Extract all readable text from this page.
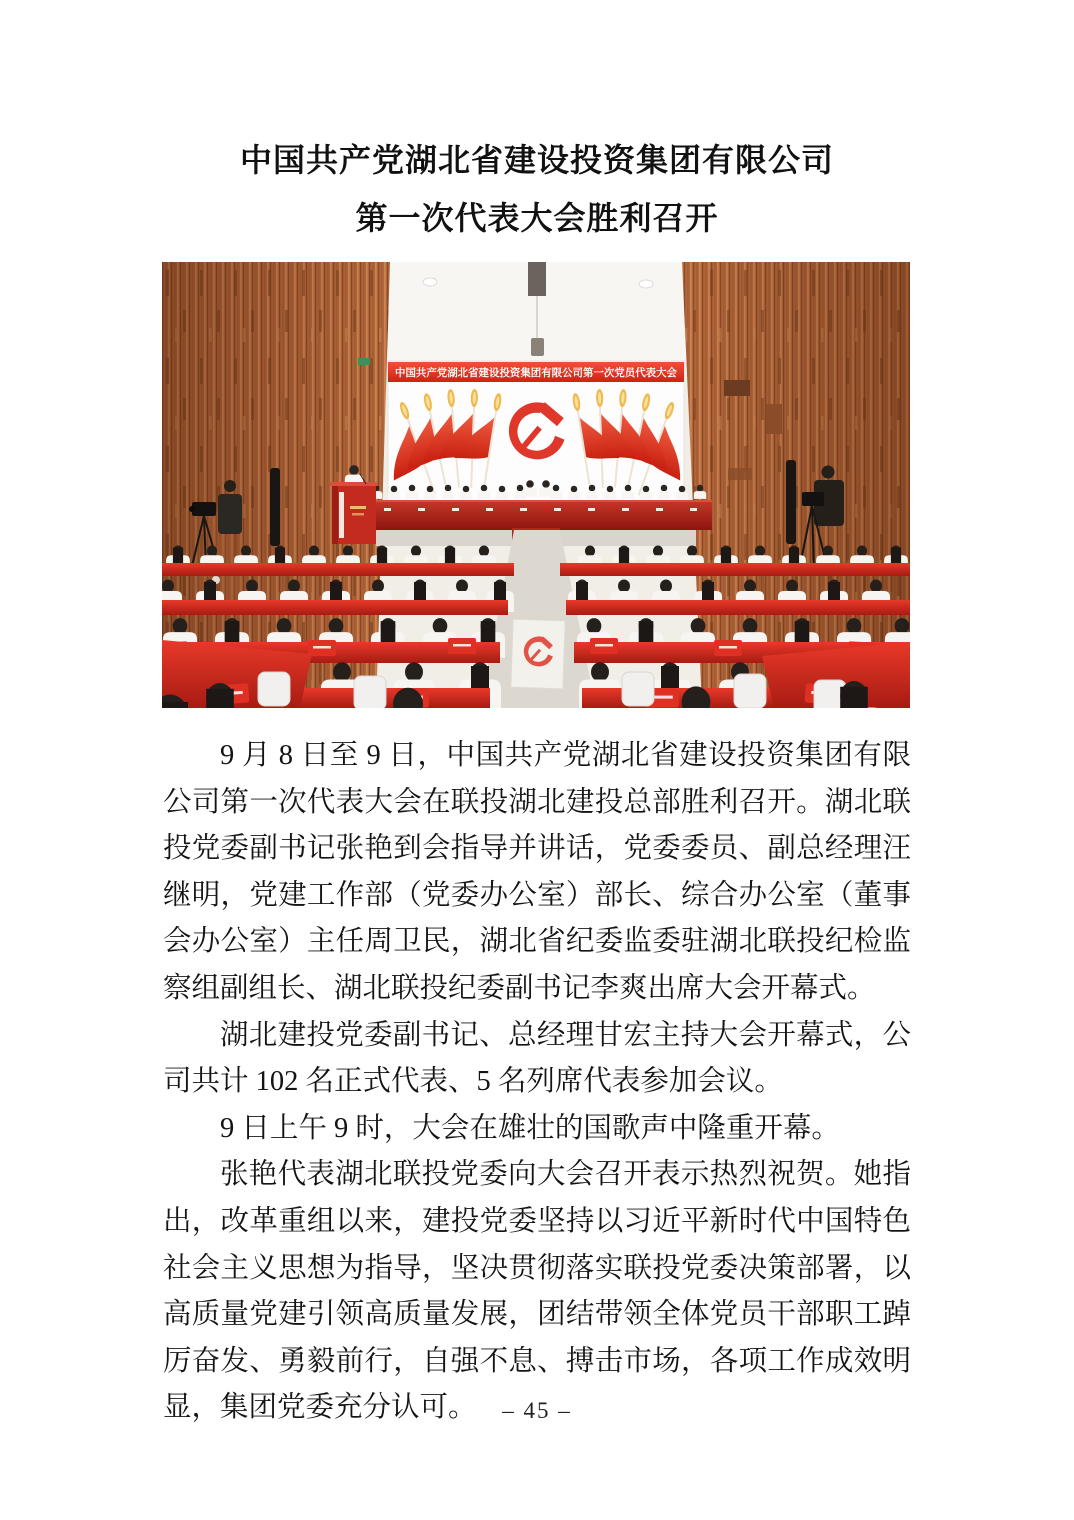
中国共产党湖北省建设投资集团有限公司
第一次代表大会胜利召开
中国共产党湖北省建设投资集团有限公司第一次党员代表大会

9 月 8 日至 9 日，中国共产党湖北省建设投资集团有限公司第一次代表大会在联投湖北建投总部胜利召开。湖北联投党委副书记张艳到会指导并讲话，党委委员、副总经理汪继明，党建工作部（党委办公室）部长、综合办公室（董事会办公室）主任周卫民，湖北省纪委监委驻湖北联投纪检监察组副组长、湖北联投纪委副书记李爽出席大会开幕式。

湖北建投党委副书记、总经理甘宏主持大会开幕式，公司共计 102 名正式代表、5 名列席代表参加会议。

9 日上午 9 时，大会在雄壮的国歌声中隆重开幕。

张艳代表湖北联投党委向大会召开表示热烈祝贺。她指出，改革重组以来，建投党委坚持以习近平新时代中国特色社会主义思想为指导，坚决贯彻落实联投党委决策部署，以高质量党建引领高质量发展，团结带领全体党员干部职工踔厉奋发、勇毅前行，自强不息、搏击市场，各项工作成效明显，集团党委充分认可。	– 45 –
